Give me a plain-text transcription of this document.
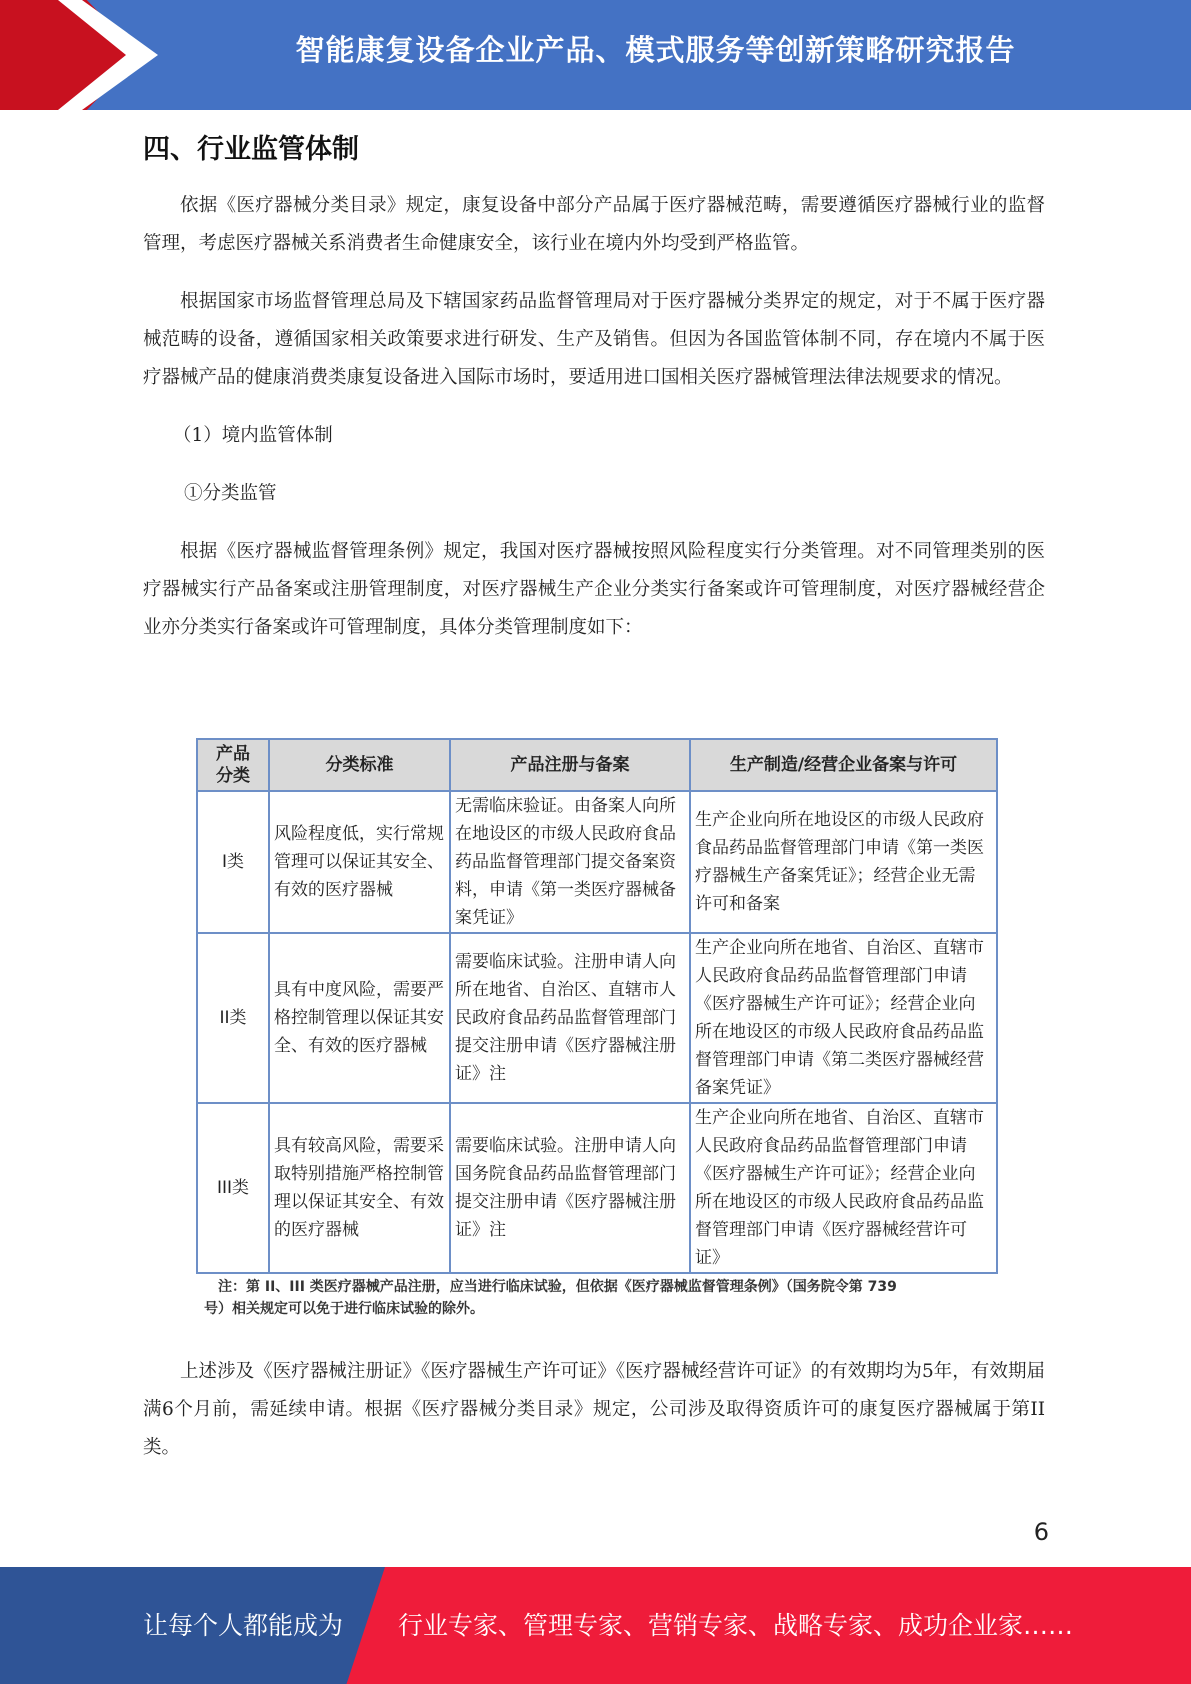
智能康复设备企业产品、模式服务等创新策略研究报告
四、行业监管体制

依据《医疗器械分类目录》规定，康复设备中部分产品属于医疗器械范畴，需要遵循医疗器械行业的监督管理，考虑医疗器械关系消费者生命健康安全，该行业在境内外均受到严格监管。

根据国家市场监督管理总局及下辖国家药品监督管理局对于医疗器械分类界定的规定，对于不属于医疗器械范畴的设备，遵循国家相关政策要求进行研发、生产及销售。但因为各国监管体制不同，存在境内不属于医疗器械产品的健康消费类康复设备进入国际市场时，要适用进口国相关医疗器械管理法律法规要求的情况。

（1）境内监管体制

①分类监管

根据《医疗器械监督管理条例》规定，我国对医疗器械按照风险程度实行分类管理。对不同管理类别的医疗器械实行产品备案或注册管理制度，对医疗器械生产企业分类实行备案或许可管理制度，对医疗器械经营企业亦分类实行备案或许可管理制度，具体分类管理制度如下：

产品
分类	分类标准	产品注册与备案	生产制造/经营企业备案与许可
I类	风险程度低，实行常规管理可以保证其安全、有效的医疗器械	无需临床验证。由备案人向所在地设区的市级人民政府食品药品监督管理部门提交备案资料，申请《第一类医疗器械备案凭证》	生产企业向所在地设区的市级人民政府食品药品监督管理部门申请《第一类医疗器械生产备案凭证》；经营企业无需许可和备案
II类	具有中度风险，需要严格控制管理以保证其安全、有效的医疗器械	需要临床试验。注册申请人向所在地省、自治区、直辖市人民政府食品药品监督管理部门提交注册申请《医疗器械注册证》注	生产企业向所在地省、自治区、直辖市人民政府食品药品监督管理部门申请《医疗器械生产许可证》；经营企业向所在地设区的市级人民政府食品药品监督管理部门申请《第二类医疗器械经营备案凭证》
III类	具有较高风险，需要采取特别措施严格控制管理以保证其安全、有效的医疗器械	需要临床试验。注册申请人向国务院食品药品监督管理部门提交注册申请《医疗器械注册证》注	生产企业向所在地省、自治区、直辖市人民政府食品药品监督管理部门申请《医疗器械生产许可证》；经营企业向所在地设区的市级人民政府食品药品监督管理部门申请《医疗器械经营许可证》
注：第 II、III 类医疗器械产品注册，应当进行临床试验，但依据《医疗器械监督管理条例》（国务院令第 739
号）相关规定可以免于进行临床试验的除外。

上述涉及《医疗器械注册证》《医疗器械生产许可证》《医疗器械经营许可证》的有效期均为5年，有效期届满6个月前，需延续申请。根据《医疗器械分类目录》规定，公司涉及取得资质许可的康复医疗器械属于第II类。

6
让每个人都能成为 行业专家、管理专家、营销专家、战略专家、成功企业家……
